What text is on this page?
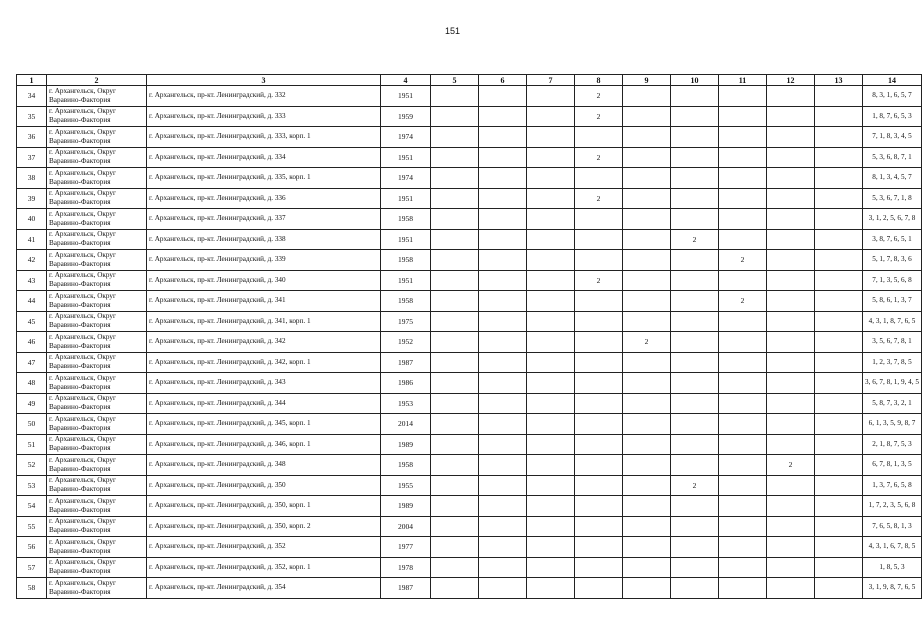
151
1	2	3	4	5	6	7	8	9	10	11	12	13	14
34	г. Архангельск, Округ Варавино-Фактория	г. Архангельск, пр-кт. Ленинградский, д. 332	1951				2						8, 3, 1, 6, 5, 7
35	г. Архангельск, Округ Варавино-Фактория	г. Архангельск, пр-кт. Ленинградский, д. 333	1959				2						1, 8, 7, 6, 5, 3
36	г. Архангельск, Округ Варавино-Фактория	г. Архангельск, пр-кт. Ленинградский, д. 333, корп. 1	1974										7, 1, 8, 3, 4, 5
37	г. Архангельск, Округ Варавино-Фактория	г. Архангельск, пр-кт. Ленинградский, д. 334	1951				2						5, 3, 6, 8, 7, 1
38	г. Архангельск, Округ Варавино-Фактория	г. Архангельск, пр-кт. Ленинградский, д. 335, корп. 1	1974										8, 1, 3, 4, 5, 7
39	г. Архангельск, Округ Варавино-Фактория	г. Архангельск, пр-кт. Ленинградский, д. 336	1951				2						5, 3, 6, 7, 1, 8
40	г. Архангельск, Округ Варавино-Фактория	г. Архангельск, пр-кт. Ленинградский, д. 337	1958										3, 1, 2, 5, 6, 7, 8
41	г. Архангельск, Округ Варавино-Фактория	г. Архангельск, пр-кт. Ленинградский, д. 338	1951						2				3, 8, 7, 6, 5, 1
42	г. Архангельск, Округ Варавино-Фактория	г. Архангельск, пр-кт. Ленинградский, д. 339	1958							2			5, 1, 7, 8, 3, 6
43	г. Архангельск, Округ Варавино-Фактория	г. Архангельск, пр-кт. Ленинградский, д. 340	1951				2						7, 1, 3, 5, 6, 8
44	г. Архангельск, Округ Варавино-Фактория	г. Архангельск, пр-кт. Ленинградский, д. 341	1958							2			5, 8, 6, 1, 3, 7
45	г. Архангельск, Округ Варавино-Фактория	г. Архангельск, пр-кт. Ленинградский, д. 341, корп. 1	1975										4, 3, 1, 8, 7, 6, 5
46	г. Архангельск, Округ Варавино-Фактория	г. Архангельск, пр-кт. Ленинградский, д. 342	1952					2					3, 5, 6, 7, 8, 1
47	г. Архангельск, Округ Варавино-Фактория	г. Архангельск, пр-кт. Ленинградский, д. 342, корп. 1	1987										1, 2, 3, 7, 8, 5
48	г. Архангельск, Округ Варавино-Фактория	г. Архангельск, пр-кт. Ленинградский, д. 343	1986										3, 6, 7, 8, 1, 9, 4, 5
49	г. Архангельск, Округ Варавино-Фактория	г. Архангельск, пр-кт. Ленинградский, д. 344	1953										5, 8, 7, 3, 2, 1
50	г. Архангельск, Округ Варавино-Фактория	г. Архангельск, пр-кт. Ленинградский, д. 345, корп. 1	2014										6, 1, 3, 5, 9, 8, 7
51	г. Архангельск, Округ Варавино-Фактория	г. Архангельск, пр-кт. Ленинградский, д. 346, корп. 1	1989										2, 1, 8, 7, 5, 3
52	г. Архангельск, Округ Варавино-Фактория	г. Архангельск, пр-кт. Ленинградский, д. 348	1958								2		6, 7, 8, 1, 3, 5
53	г. Архангельск, Округ Варавино-Фактория	г. Архангельск, пр-кт. Ленинградский, д. 350	1955						2				1, 3, 7, 6, 5, 8
54	г. Архангельск, Округ Варавино-Фактория	г. Архангельск, пр-кт. Ленинградский, д. 350, корп. 1	1989										1, 7, 2, 3, 5, 6, 8
55	г. Архангельск, Округ Варавино-Фактория	г. Архангельск, пр-кт. Ленинградский, д. 350, корп. 2	2004										7, 6, 5, 8, 1, 3
56	г. Архангельск, Округ Варавино-Фактория	г. Архангельск, пр-кт. Ленинградский, д. 352	1977										4, 3, 1, 6, 7, 8, 5
57	г. Архангельск, Округ Варавино-Фактория	г. Архангельск, пр-кт. Ленинградский, д. 352, корп. 1	1978										1, 8, 5, 3
58	г. Архангельск, Округ Варавино-Фактория	г. Архангельск, пр-кт. Ленинградский, д. 354	1987										3, 1, 9, 8, 7, 6, 5
